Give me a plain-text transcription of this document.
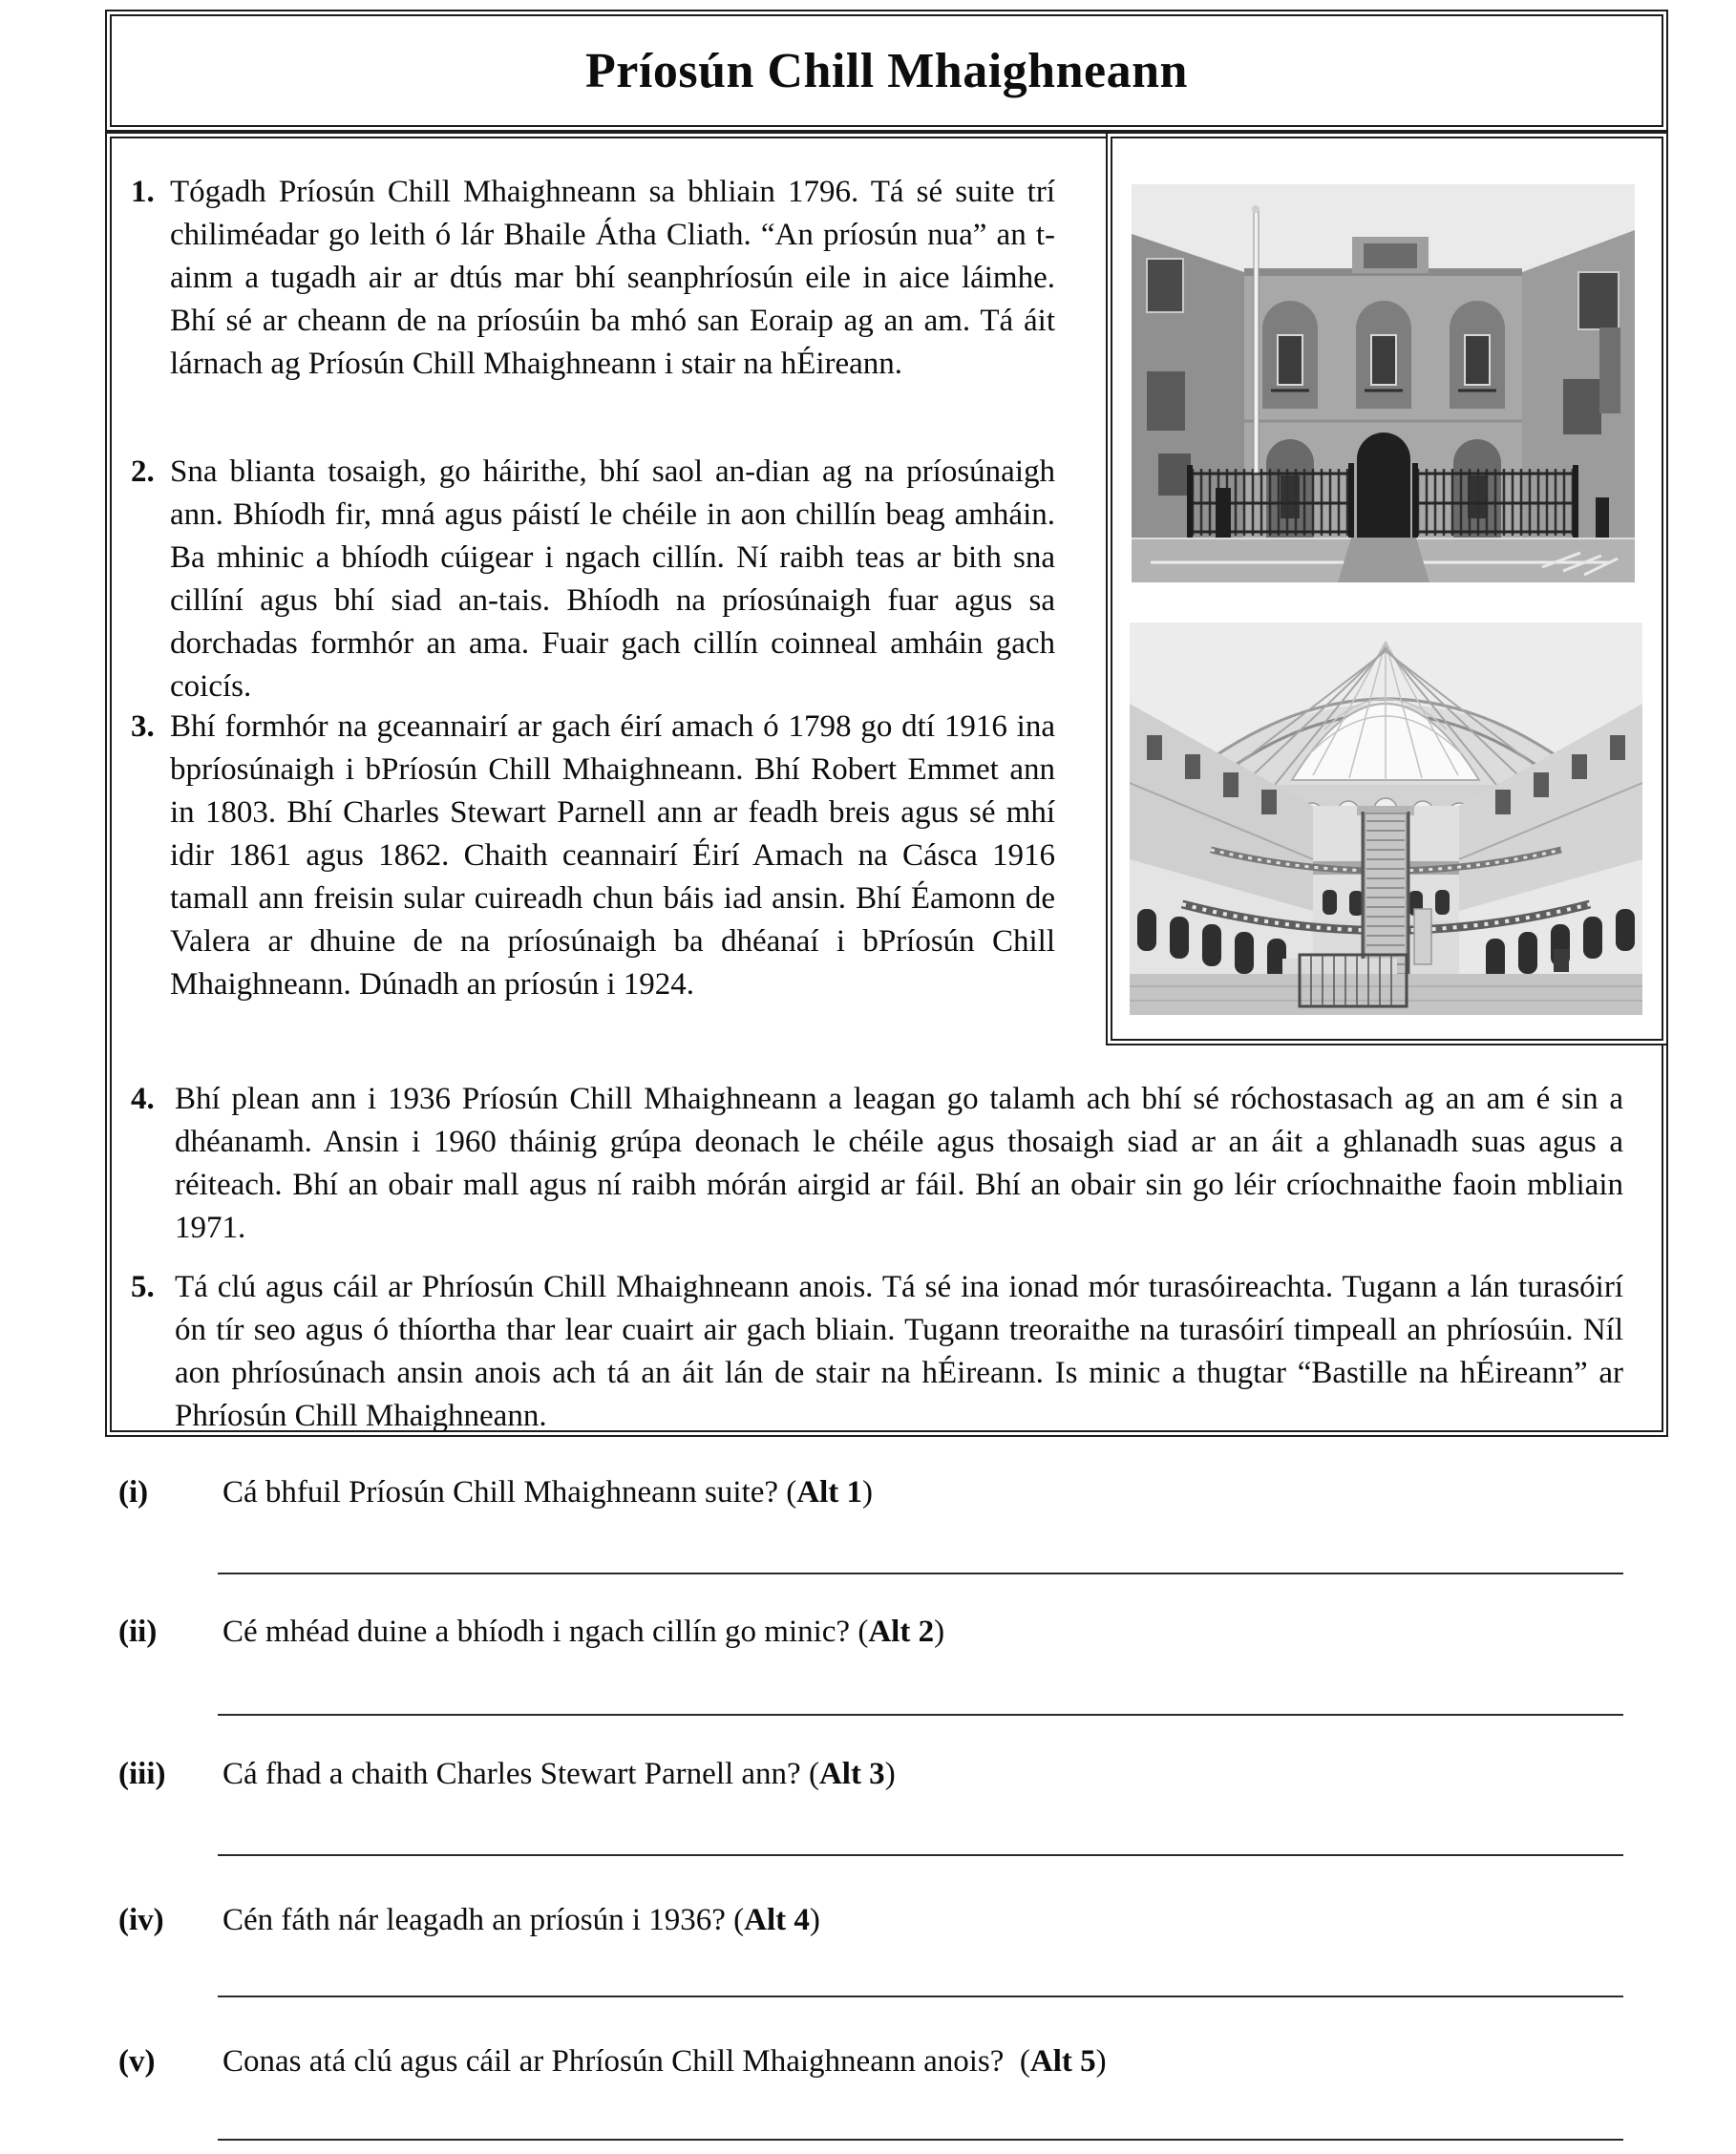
Príosún Chill Mhaighneann
1. Tógadh Príosún Chill Mhaighneann sa bhliain 1796. Tá sé suite trí chiliméadar go leith ó lár Bhaile Átha Cliath. “An príosún nua” an t-ainm a tugadh air ar dtús mar bhí seanphríosún eile in aice láimhe. Bhí sé ar cheann de na príosúin ba mhó san Eoraip ag an am. Tá áit lárnach ag Príosún Chill Mhaighneann i stair na hÉireann.
2. Sna blianta tosaigh, go háirithe, bhí saol an-dian ag na príosúnaigh ann. Bhíodh fir, mná agus páistí le chéile in aon chillín beag amháin. Ba mhinic a bhíodh cúigear i ngach cillín. Ní raibh teas ar bith sna cillíní agus bhí siad an-tais. Bhíodh na príosúnaigh fuar agus sa dorchadas formhór an ama. Fuair gach cillín coinneal amháin gach coicís.
3. Bhí formhór na gceannairí ar gach éirí amach ó 1798 go dtí 1916 ina bpríosúnaigh i bPríosún Chill Mhaighneann. Bhí Robert Emmet ann in 1803. Bhí Charles Stewart Parnell ann ar feadh breis agus sé mhí idir 1861 agus 1862. Chaith ceannairí Éirí Amach na Cásca 1916 tamall ann freisin sular cuireadh chun báis iad ansin. Bhí Éamonn de Valera ar dhuine de na príosúnaigh ba dhéanaí i bPríosún Chill Mhaighneann. Dúnadh an príosún i 1924.
4. Bhí plean ann i 1936 Príosún Chill Mhaighneann a leagan go talamh ach bhí sé róchostasach ag an am é sin a dhéanamh. Ansin i 1960 tháinig grúpa deonach le chéile agus thosaigh siad ar an áit a ghlanadh suas agus a réiteach. Bhí an obair mall agus ní raibh mórán airgid ar fáil. Bhí an obair sin go léir críochnaithe faoin mbliain 1971.
5. Tá clú agus cáil ar Phríosún Chill Mhaighneann anois. Tá sé ina ionad mór turasóireachta. Tugann a lán turasóirí ón tír seo agus ó thíortha thar lear cuairt air gach bliain. Tugann treoraithe na turasóirí timpeall an phríosúin. Níl aon phríosúnach ansin anois ach tá an áit lán de stair na hÉireann. Is minic a thugtar “Bastille na hÉireann” ar Phríosún Chill Mhaighneann.
(i) Cá bhfuil Príosún Chill Mhaighneann suite? (Alt 1)
(ii) Cé mhéad duine a bhíodh i ngach cillín go minic? (Alt 2)
(iii) Cá fhad a chaith Charles Stewart Parnell ann? (Alt 3)
(iv) Cén fáth nár leagadh an príosún i 1936? (Alt 4)
(v) Conas atá clú agus cáil ar Phríosún Chill Mhaighneann anois?  (Alt 5)
